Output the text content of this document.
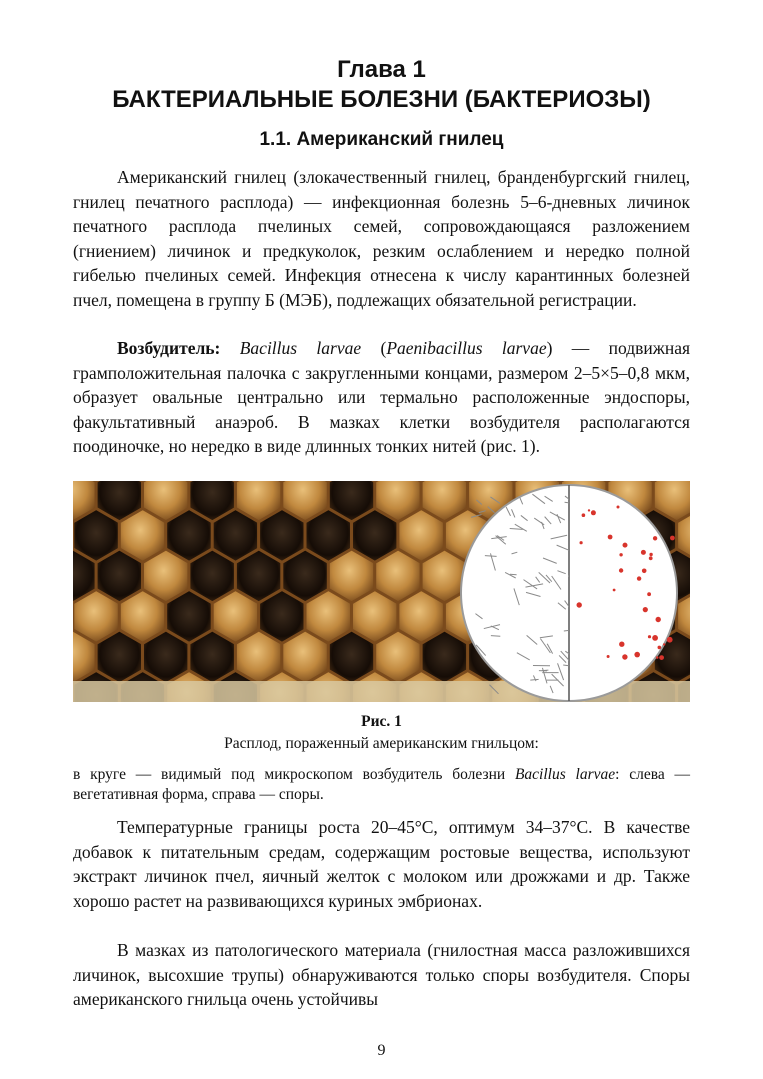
Глава 1
БАКТЕРИАЛЬНЫЕ БОЛЕЗНИ (БАКТЕРИОЗЫ)
1.1. Американский гнилец

Американский гнилец (злокачественный гнилец, бранденбургский гнилец, гнилец печатного расплода) — инфекционная болезнь 5–6-дневных личинок печатного расплода пчелиных семей, сопровождающаяся разложением (гниением) личинок и предкуколок, резким ослаблением и нередко полной гибелью пчелиных семей. Инфекция отнесена к числу карантинных болезней пчел, помещена в группу Б (МЭБ), подлежащих обязательной регистрации.

Возбудитель: Bacillus larvae (Paenibacillus larvae) — подвижная грамположительная палочка с закругленными концами, размером 2–5×5–0,8 мкм, образует овальные центрально или термально расположенные эндоспоры, факультативный анаэроб. В мазках клетки возбудителя располагаются поодиночке, но нередко в виде длинных тонких нитей (рис. 1).

Рис. 1
Расплод, пораженный американским гнильцом:
в круге — видимый под микроскопом возбудитель болезни Bacillus larvae: слева — вегетативная форма, справа — споры.

Температурные границы роста 20–45°С, оптимум 34–37°С. В качестве добавок к питательным средам, содержащим ростовые вещества, используют экстракт личинок пчел, яичный желток с молоком или дрожжами и др. Также хорошо растет на развивающихся куриных эмбрионах.

В мазках из патологического материала (гнилостная масса разложившихся личинок, высохшие трупы) обнаруживаются только споры возбудителя. Споры американского гнильца очень устойчивы

9
